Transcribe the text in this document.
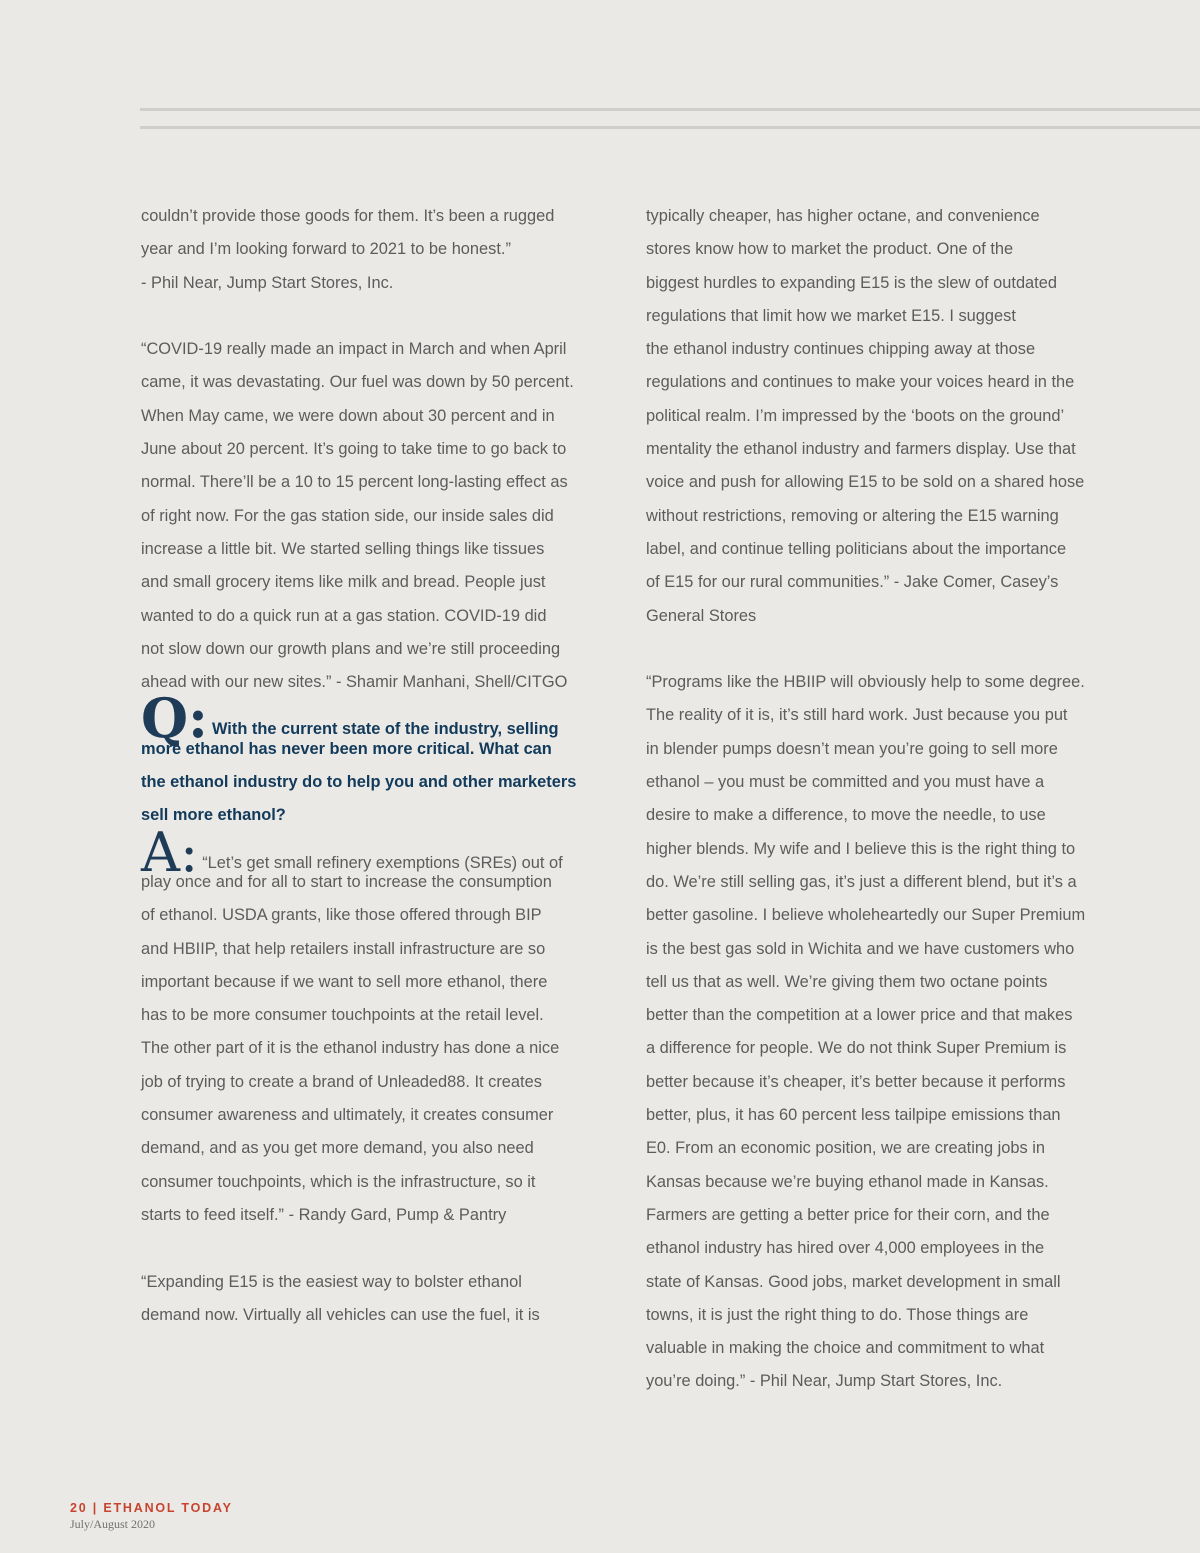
couldn’t provide those goods for them. It’s been a rugged
year and I’m looking forward to 2021 to be honest.”
- Phil Near, Jump Start Stores, Inc.
“COVID-19 really made an impact in March and when April
came, it was devastating. Our fuel was down by 50 percent.
When May came, we were down about 30 percent and in
June about 20 percent. It’s going to take time to go back to
normal. There’ll be a 10 to 15 percent long-lasting effect as
of right now. For the gas station side, our inside sales did
increase a little bit. We started selling things like tissues
and small grocery items like milk and bread. People just
wanted to do a quick run at a gas station. COVID-19 did
not slow down our growth plans and we’re still proceeding
ahead with our new sites.” - Shamir Manhani, Shell/CITGO
Q: With the current state of the industry, selling
more ethanol has never been more critical. What can
the ethanol industry do to help you and other marketers
sell more ethanol?
A: “Let’s get small refinery exemptions (SREs) out of
play once and for all to start to increase the consumption
of ethanol. USDA grants, like those offered through BIP
and HBIIP, that help retailers install infrastructure are so
important because if we want to sell more ethanol, there
has to be more consumer touchpoints at the retail level.
The other part of it is the ethanol industry has done a nice
job of trying to create a brand of Unleaded88. It creates
consumer awareness and ultimately, it creates consumer
demand, and as you get more demand, you also need
consumer touchpoints, which is the infrastructure, so it
starts to feed itself.” - Randy Gard, Pump & Pantry
“Expanding E15 is the easiest way to bolster ethanol
demand now. Virtually all vehicles can use the fuel, it is
typically cheaper, has higher octane, and convenience
stores know how to market the product. One of the
biggest hurdles to expanding E15 is the slew of outdated
regulations that limit how we market E15. I suggest
the ethanol industry continues chipping away at those
regulations and continues to make your voices heard in the
political realm. I’m impressed by the ‘boots on the ground’
mentality the ethanol industry and farmers display. Use that
voice and push for allowing E15 to be sold on a shared hose
without restrictions, removing or altering the E15 warning
label, and continue telling politicians about the importance
of E15 for our rural communities.” - Jake Comer, Casey’s
General Stores
“Programs like the HBIIP will obviously help to some degree.
The reality of it is, it’s still hard work. Just because you put
in blender pumps doesn’t mean you’re going to sell more
ethanol – you must be committed and you must have a
desire to make a difference, to move the needle, to use
higher blends. My wife and I believe this is the right thing to
do. We’re still selling gas, it’s just a different blend, but it’s a
better gasoline. I believe wholeheartedly our Super Premium
is the best gas sold in Wichita and we have customers who
tell us that as well. We’re giving them two octane points
better than the competition at a lower price and that makes
a difference for people. We do not think Super Premium is
better because it’s cheaper, it’s better because it performs
better, plus, it has 60 percent less tailpipe emissions than
E0. From an economic position, we are creating jobs in
Kansas because we’re buying ethanol made in Kansas.
Farmers are getting a better price for their corn, and the
ethanol industry has hired over 4,000 employees in the
state of Kansas. Good jobs, market development in small
towns, it is just the right thing to do. Those things are
valuable in making the choice and commitment to what
you’re doing.” - Phil Near, Jump Start Stores, Inc.
20 | ETHANOL TODAY
July/August 2020
